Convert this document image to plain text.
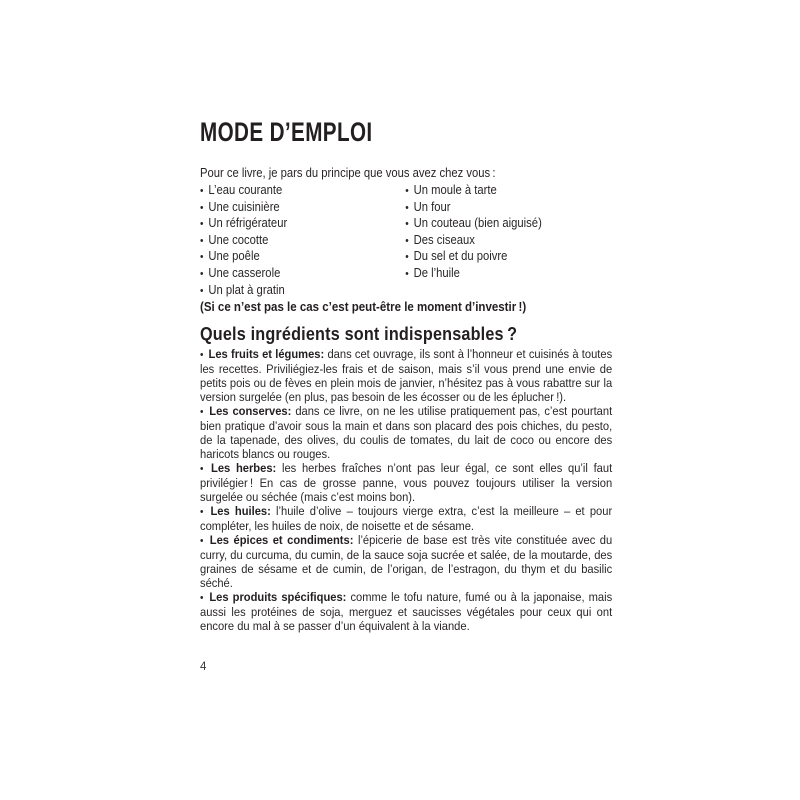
MODE D’EMPLOI

Pour ce livre, je pars du principe que vous avez chez vous :

• L’eau courante
• Une cuisinière
• Un réfrigérateur
• Une cocotte
• Une poêle
• Une casserole
• Un plat à gratin
• Un moule à tarte
• Un four
• Un couteau (bien aiguisé)
• Des ciseaux
• Du sel et du poivre
• De l’huile

(Si ce n’est pas le cas c’est peut-être le moment d’investir !)

Quels ingrédients sont indispensables ?

• Les fruits et légumes: dans cet ouvrage, ils sont à l’honneur et cuisinés à toutes les recettes. Priviliégiez-les frais et de saison, mais s’il vous prend une envie de petits pois ou de fèves en plein mois de janvier, n’hésitez pas à vous rabattre sur la version surgelée (en plus, pas besoin de les écosser ou de les éplucher !).

• Les conserves: dans ce livre, on ne les utilise pratiquement pas, c’est pourtant bien pratique d’avoir sous la main et dans son placard des pois chiches, du pesto, de la tapenade, des olives, du coulis de tomates, du lait de coco ou encore des haricots blancs ou rouges.

• Les herbes: les herbes fraîches n’ont pas leur égal, ce sont elles qu’il faut privilégier ! En cas de grosse panne, vous pouvez toujours utiliser la version surgelée ou séchée (mais c’est moins bon).

• Les huiles: l’huile d’olive – toujours vierge extra, c’est la meilleure – et pour compléter, les huiles de noix, de noisette et de sésame.

• Les épices et condiments: l’épicerie de base est très vite constituée avec du curry, du curcuma, du cumin, de la sauce soja sucrée et salée, de la moutarde, des graines de sésame et de cumin, de l’origan, de l’estragon, du thym et du basilic séché.

• Les produits spécifiques: comme le tofu nature, fumé ou à la japonaise, mais aussi les protéines de soja, merguez et saucisses végétales pour ceux qui ont encore du mal à se passer d’un équivalent à la viande.

4
